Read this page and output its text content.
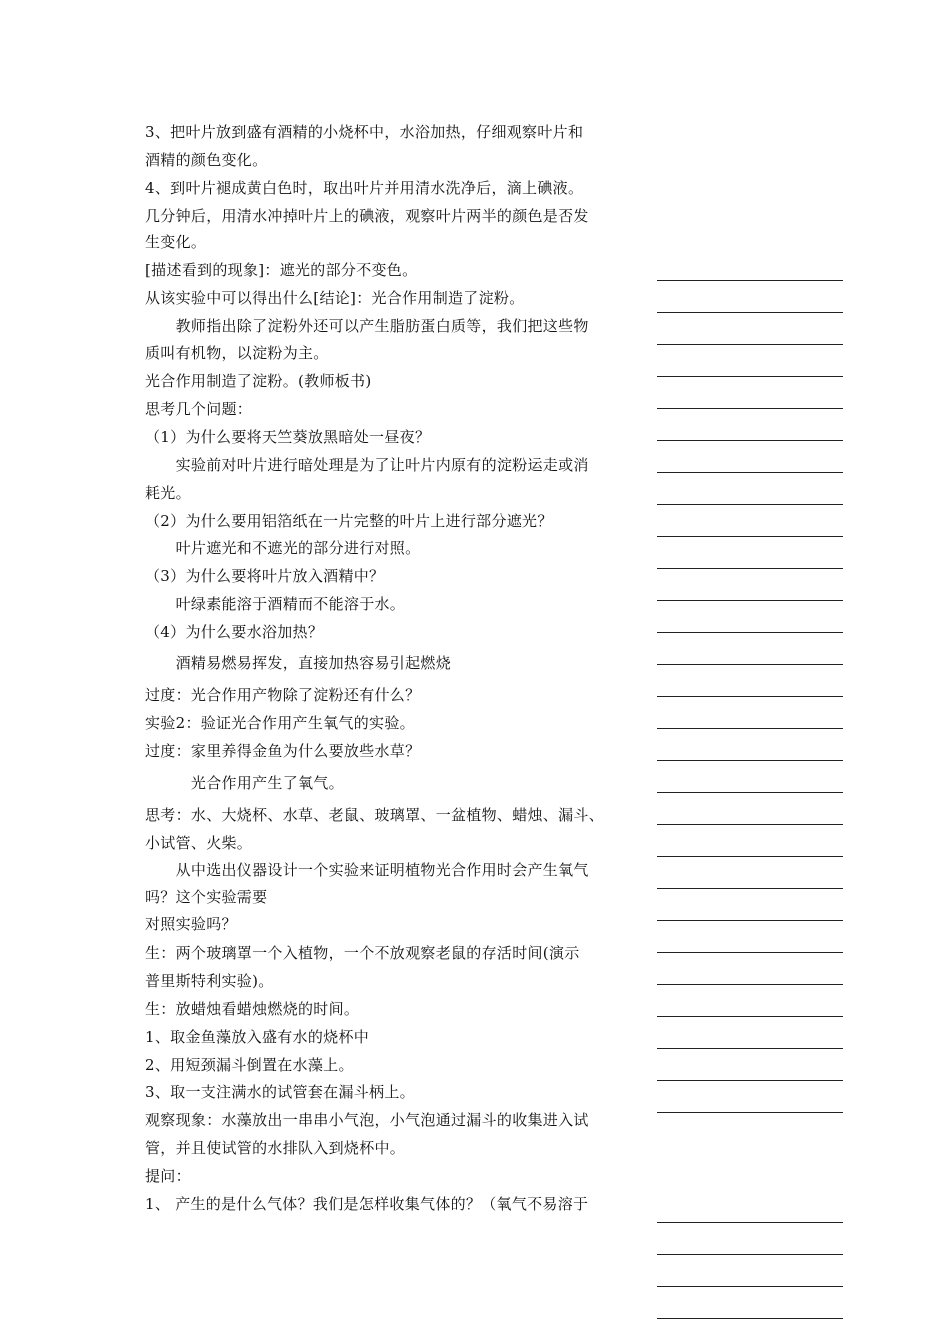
3、把叶片放到盛有酒精的小烧杯中，水浴加热，仔细观察叶片和
酒精的颜色变化。
4、到叶片褪成黄白色时，取出叶片并用清水洗净后，滴上碘液。
几分钟后，用清水冲掉叶片上的碘液，观察叶片两半的颜色是否发
生变化。
[描述看到的现象]：遮光的部分不变色。
从该实验中可以得出什么[结论]：光合作用制造了淀粉。
　　教师指出除了淀粉外还可以产生脂肪蛋白质等，我们把这些物
质叫有机物，以淀粉为主。
光合作用制造了淀粉。(教师板书)
思考几个问题：
（1）为什么要将天竺葵放黑暗处一昼夜？
　　实验前对叶片进行暗处理是为了让叶片内原有的淀粉运走或消
耗光。
（2）为什么要用铝箔纸在一片完整的叶片上进行部分遮光？
　　叶片遮光和不遮光的部分进行对照。
（3）为什么要将叶片放入酒精中？
　　叶绿素能溶于酒精而不能溶于水。
（4）为什么要水浴加热？
　　酒精易燃易挥发，直接加热容易引起燃烧
过度：光合作用产物除了淀粉还有什么？
实验2：验证光合作用产生氧气的实验。
过度：家里养得金鱼为什么要放些水草？
　　　光合作用产生了氧气。
思考：水、大烧杯、水草、老鼠、玻璃罩、一盆植物、蜡烛、漏斗、
小试管、火柴。
　　从中选出仪器设计一个实验来证明植物光合作用时会产生氧气
吗？这个实验需要
对照实验吗？
生：两个玻璃罩一个入植物，一个不放观察老鼠的存活时间(演示
普里斯特利实验)。
生：放蜡烛看蜡烛燃烧的时间。
1、取金鱼藻放入盛有水的烧杯中
2、用短颈漏斗倒置在水藻上。
3、取一支注满水的试管套在漏斗柄上。
观察现象：水藻放出一串串小气泡，小气泡通过漏斗的收集进入试
管，并且使试管的水排队入到烧杯中。
提问：
1、 产生的是什么气体？我们是怎样收集气体的？（氧气不易溶于
